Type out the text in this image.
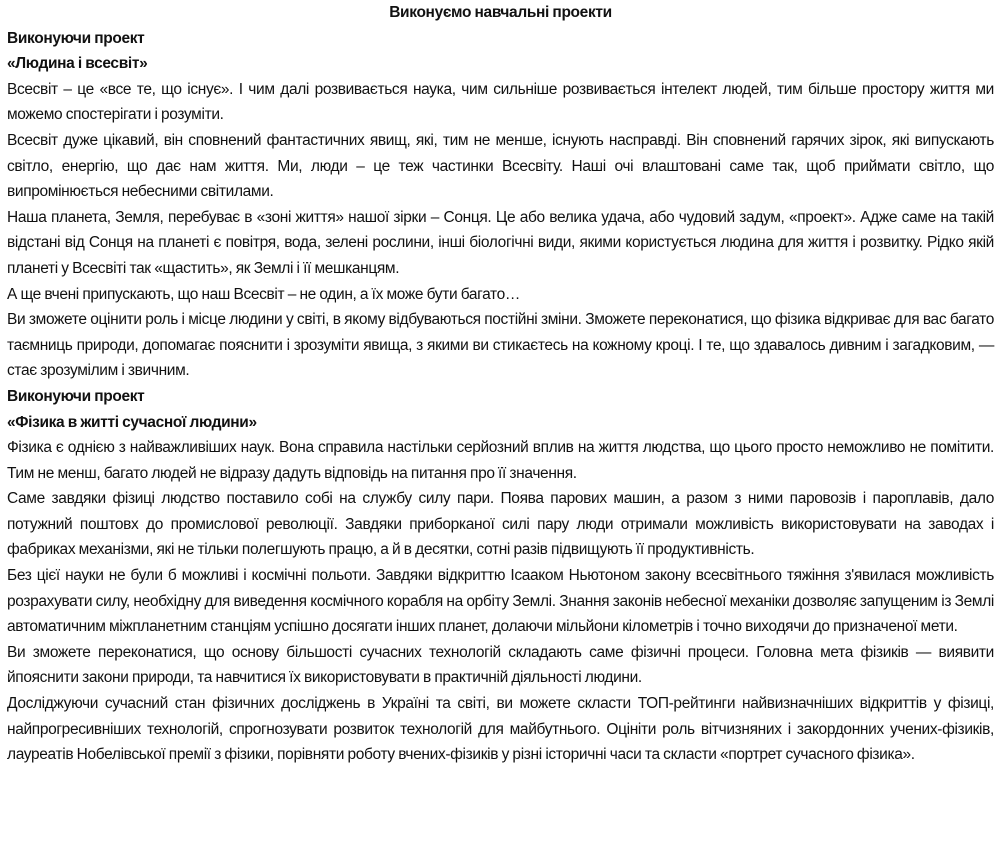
Виконуємо навчальні проекти
Виконуючи проект
«Людина і всесвіт»

Всесвіт – це «все те, що існує». І чим далі розвивається наука, чим сильніше розвивається інтелект людей, тим більше простору життя ми можемо спостерігати і розуміти.

Всесвіт дуже цікавий, він сповнений фантастичних явищ, які, тим не менше, існують насправді. Він сповнений гарячих зірок, які випускають світло, енергію, що дає нам життя. Ми, люди – це теж частинки Всесвіту. Наші очі влаштовані саме так, щоб приймати світло, що випромінюється небесними світилами.

Наша планета, Земля, перебуває в «зоні життя» нашої зірки – Сонця. Це або велика удача, або чудовий задум, «проект». Адже саме на такій відстані від Сонця на планеті є повітря, вода, зелені рослини, інші біологічні види, якими користується людина для життя і розвитку. Рідко якій планеті у Всесвіті так «щастить», як Землі і її мешканцям.

А ще вчені припускають, що наш Всесвіт – не один, а їх може бути багато…

Ви зможете оцінити роль і місце людини у світі, в якому відбуваються постійні зміни. Зможете переконатися, що фізика відкриває для вас багато таємниць природи, допомагає пояснити і зрозуміти явища, з якими ви стикаєтесь на кожному кроці. І те, що здавалось дивним і загадковим, — стає зрозумілим і звичним.

Виконуючи проект
«Фізика в житті сучасної людини»

Фізика є однією з найважливіших наук. Вона справила настільки серйозний вплив на життя людства, що цього просто неможливо не помітити. Тим не менш, багато людей не відразу дадуть відповідь на питання про її значення.

Саме завдяки фізиці людство поставило собі на службу силу пари. Поява парових машин, а разом з ними паровозів і пароплавів, дало потужний поштовх до промислової революції. Завдяки приборканої силі пару люди отримали можливість використовувати на заводах і фабриках механізми, які не тільки полегшують працю, а й в десятки, сотні разів підвищують її продуктивність.

Без цієї науки не були б можливі і космічні польоти. Завдяки відкриттю Ісааком Ньютоном закону всесвітнього тяжіння з'явилася можливість розрахувати силу, необхідну для виведення космічного корабля на орбіту Землі. Знання законів небесної механіки дозволяє запущеним із Землі автоматичним міжпланетним станціям успішно досягати інших планет, долаючи мільйони кілометрів і точно виходячи до призначеної мети.

Ви зможете переконатися, що основу більшості сучасних технологій складають саме фізичні процеси. Головна мета фізиків — виявити йпояснити закони природи, та навчитися їх використовувати в практичній діяльності людини.

Досліджуючи сучасний стан фізичних досліджень в Україні та світі, ви можете скласти ТОП-рейтинги найвизначніших відкриттів у фізиці, найпрогресивніших технологій, спрогнозувати розвиток технологій для майбутнього. Оцініти роль вітчизняних і закордонних учених-фізиків, лауреатів Нобелівської премії з фізики, порівняти роботу вчених-фізиків у різні історичні часи та скласти «портрет сучасного фізика».
